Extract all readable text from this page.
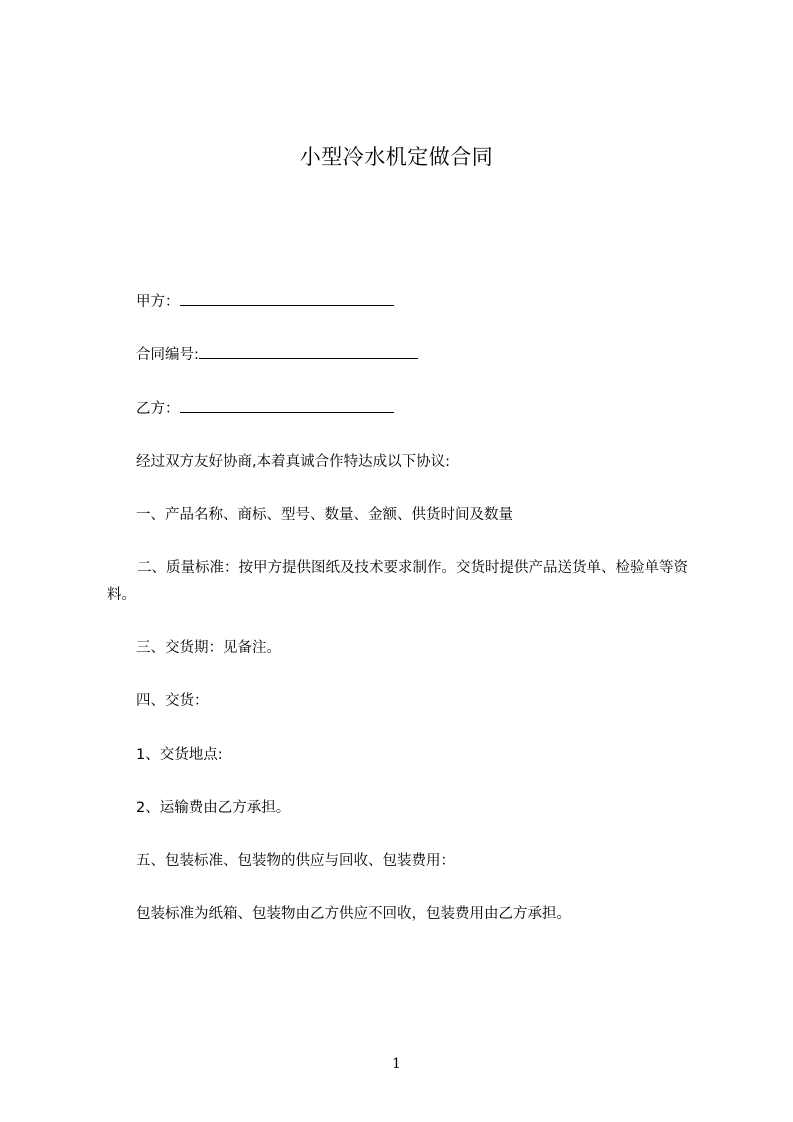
小型冷水机定做合同
甲方：
合同编号:
乙方：
经过双方友好协商,本着真诚合作特达成以下协议:
一、产品名称、商标、型号、数量、金额、供货时间及数量
二、质量标准：按甲方提供图纸及技术要求制作。交货时提供产品送货单、检验单等资料。
三、交货期：见备注。
四、交货：
1、交货地点:
2、运输费由乙方承担。
五、包装标准、包装物的供应与回收、包装费用：
包装标准为纸箱、包装物由乙方供应不回收，包装费用由乙方承担。
1
